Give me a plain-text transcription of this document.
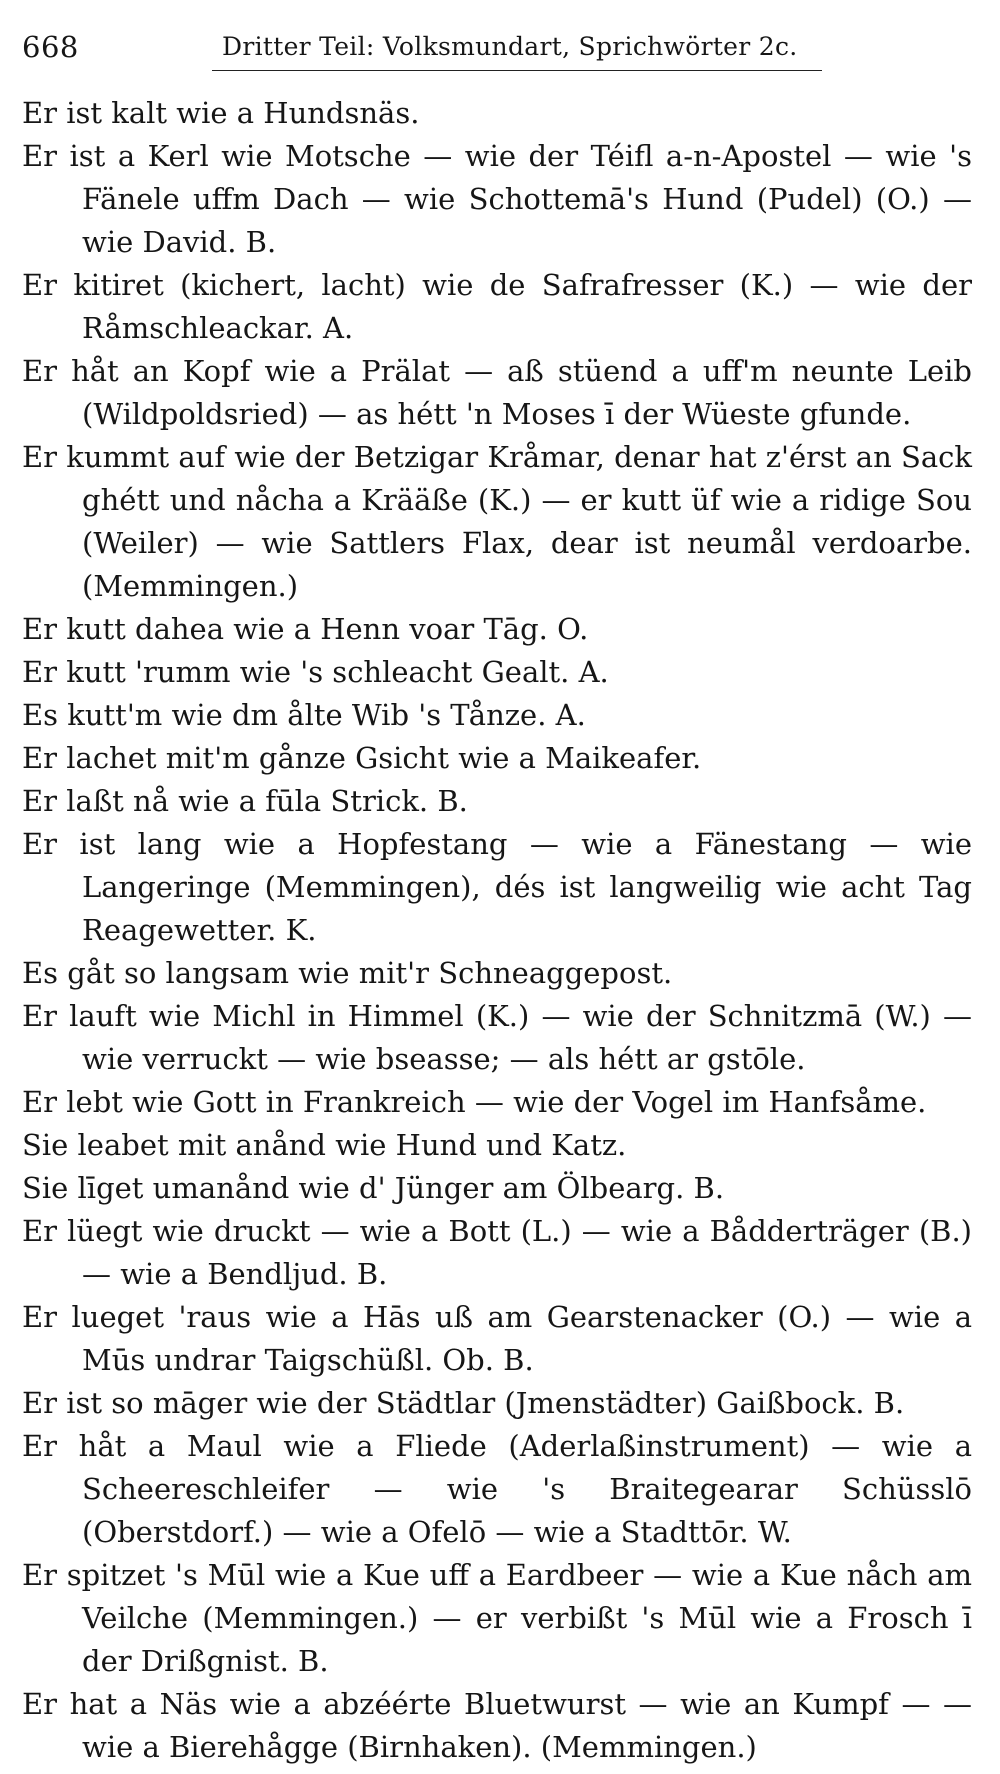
668	Dritter Teil: Volksmundart, Sprichwörter 2c.

Er ist kalt wie a Hundsnäs.

Er ist a Kerl wie Motsche — wie der Téifl a-n-Apostel — wie 's Fänele uffm Dach — wie Schottemā's Hund (Pudel) (O.) — wie David. B.

Er kitiret (kichert, lacht) wie de Safrafresser (K.) — wie der Råmschleackar. A.

Er håt an Kopf wie a Prälat — aß stüend a uff'm neunte Leib (Wildpoldsried) — as hétt 'n Moses ī der Wüeste gfunde.

Er kummt auf wie der Betzigar Kråmar, denar hat z'érst an Sack ghétt und nåcha a Krääße (K.) — er kutt üf wie a ridige Sou (Weiler) — wie Sattlers Flax, dear ist neumål verdoarbe. (Memmingen.)

Er kutt dahea wie a Henn voar Tāg. O.

Er kutt 'rumm wie 's schleacht Gealt. A.

Es kutt'm wie dm ålte Wib 's Tånze. A.

Er lachet mit'm gånze Gsicht wie a Maikeafer.

Er laßt nå wie a fūla Strick. B.

Er ist lang wie a Hopfestang — wie a Fänestang — wie Langeringe (Memmingen), dés ist langweilig wie acht Tag Reagewetter. K.

Es gåt so langsam wie mit'r Schneaggepost.

Er lauft wie Michl in Himmel (K.) — wie der Schnitzmā (W.) — wie verruckt — wie bseasse; — als hétt ar gstōle.

Er lebt wie Gott in Frankreich — wie der Vogel im Hanfsåme.

Sie leabet mit anånd wie Hund und Katz.

Sie līget umanånd wie d' Jünger am Ölbearg. B.

Er lüegt wie druckt — wie a Bott (L.) — wie a Bådderträger (B.) — wie a Bendljud. B.

Er lueget 'raus wie a Hās uß am Gearstenacker (O.) — wie a Mūs undrar Taigschüßl. Ob. B.

Er ist so māger wie der Städtlar (Jmenstädter) Gaißbock. B.

Er håt a Maul wie a Fliede (Aderlaßinstrument) — wie a Scheereschleifer — wie 's Braitegearar Schüsslō (Oberstdorf.) — wie a Ofelō — wie a Stadttōr. W.

Er spitzet 's Mūl wie a Kue uff a Eardbeer — wie a Kue nåch am Veilche (Memmingen.) — er verbißt 's Mūl wie a Frosch ī der Drißgnist. B.

Er hat a Näs wie a abzéérte Bluetwurst — wie an Kumpf — — wie a Bierehågge (Birnhaken). (Memmingen.)
